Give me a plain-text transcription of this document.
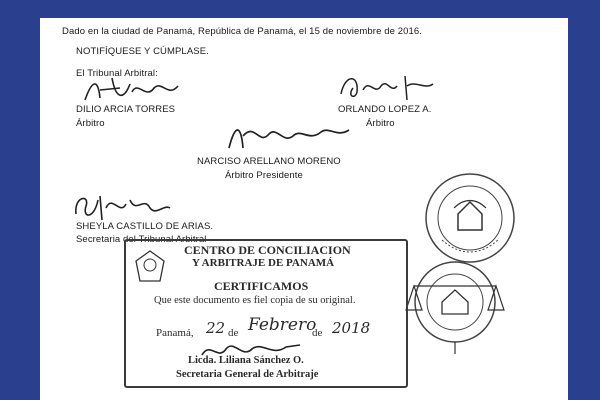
Dado en la ciudad de Panamá, República de Panamá, el 15 de noviembre de 2016.
NOTIFÍQUESE Y CÚMPLASE.
El Tribunal Arbitral:
DILIO ARCIA TORRES
Árbitro
ORLANDO LOPEZ A.
Árbitro
NARCISO ARELLANO MORENO
Árbitro Presidente
SHEYLA CASTILLO DE ARIAS.
Secretaria del Tribunal Arbitral
CENTRO DE CONCILIACION
Y ARBITRAJE DE PANAMÁ
CERTIFICAMOS
Que este documento es fiel copia de su original.
Panamá, 22 de Febrero
de 2018
Licda. Liliana Sánchez O.
Secretaria General de Arbitraje
